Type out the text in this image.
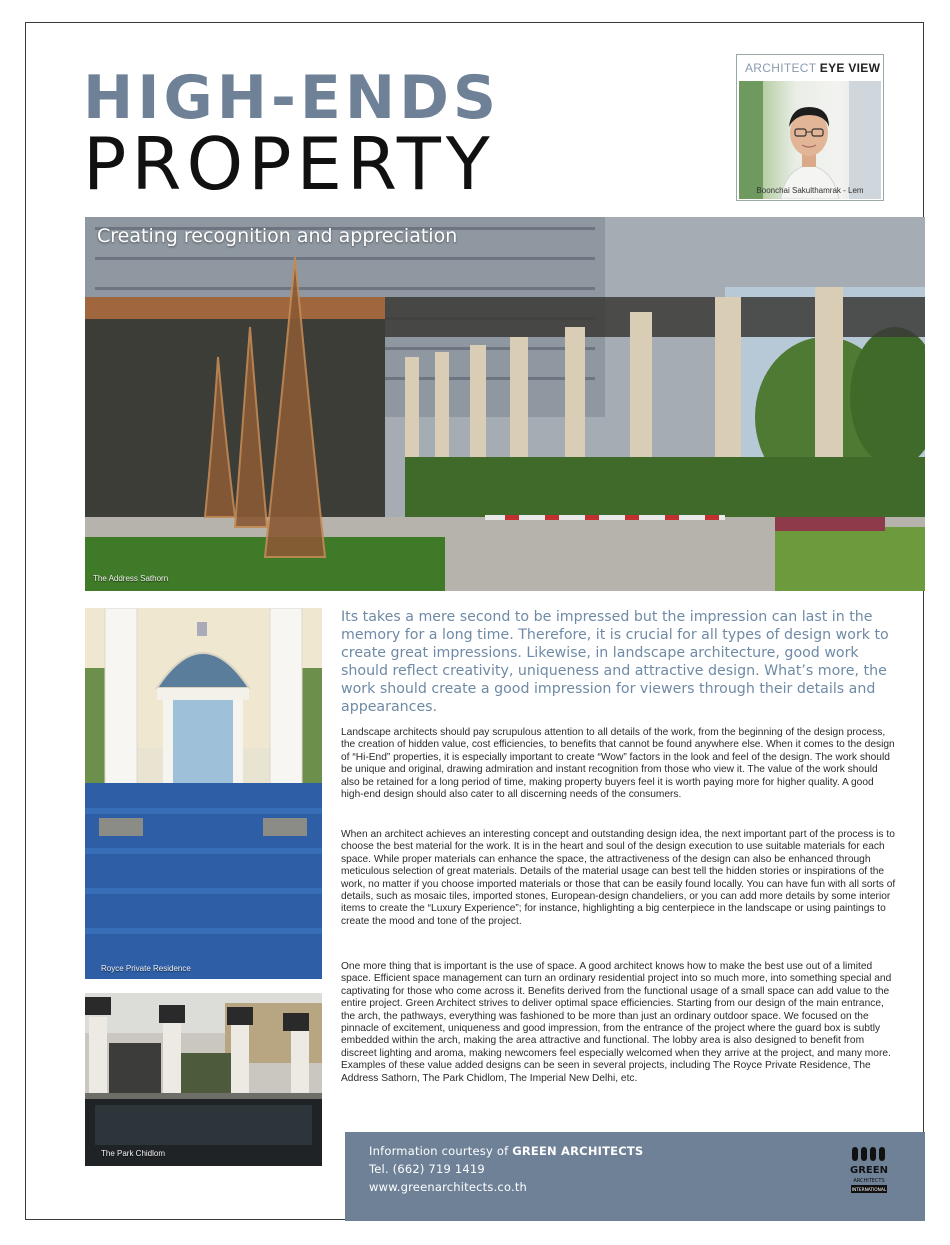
HIGH-ENDS
PROPERTY
ARCHITECT EYE VIEW
Boonchai Sakulthamrak - Lem
Creating recognition and appreciation
The Address Sathorn
Royce Private Residence
The Park Chidlom

Its takes a mere second to be impressed but the impression can last in the memory for a long time. Therefore, it is crucial for all types of design work to create great impressions. Likewise, in landscape architecture, good work should reflect creativity, uniqueness and attractive design. What’s more, the work should create a good impression for viewers through their details and appearances.

Landscape architects should pay scrupulous attention to all details of the work, from the beginning of the design process, the creation of hidden value, cost efficiencies, to benefits that cannot be found anywhere else. When it comes to the design of “Hi-End” properties, it is especially important to create “Wow” factors in the look and feel of the design. The work should be unique and original, drawing admiration and instant recognition from those who view it. The value of the work should also be retained for a long period of time, making property buyers feel it is worth paying more for higher quality. A good high-end design should also cater to all discerning needs of the consumers.

When an architect achieves an interesting concept and outstanding design idea, the next important part of the process is to choose the best material for the work. It is in the heart and soul of the design execution to use suitable materials for each space. While proper materials can enhance the space, the attractiveness of the design can also be enhanced through meticulous selection of great materials. Details of the material usage can best tell the hidden stories or inspirations of the work, no matter if you choose imported materials or those that can be easily found locally. You can have fun with all sorts of details, such as mosaic tiles, imported stones, European-design chandeliers, or you can add more details by some interior items to create the “Luxury Experience”; for instance, highlighting a big centerpiece in the landscape or using paintings to create the mood and tone of the project.

One more thing that is important is the use of space. A good architect knows how to make the best use out of a limited space. Efficient space management can turn an ordinary residential project into so much more, into something special and captivating for those who come across it. Benefits derived from the functional usage of a small space can add value to the entire project. Green Architect strives to deliver optimal space efficiencies. Starting from our design of the main entrance, the arch, the pathways, everything was fashioned to be more than just an ordinary outdoor space. We focused on the pinnacle of excitement, uniqueness and good impression, from the entrance of the project where the guard box is subtly embedded within the arch, making the area attractive and functional. The lobby area is also designed to benefit from discreet lighting and aroma, making newcomers feel especially welcomed when they arrive at the project, and many more. Examples of these value added designs can be seen in several projects, including The Royce Private Residence, The Address Sathorn, The Park Chidlom, The Imperial New Delhi, etc.

Information courtesy of GREEN ARCHITECTS
Tel. (662) 719 1419
www.greenarchitects.co.th
GREEN
ARCHITECTS
INTERNATIONAL
